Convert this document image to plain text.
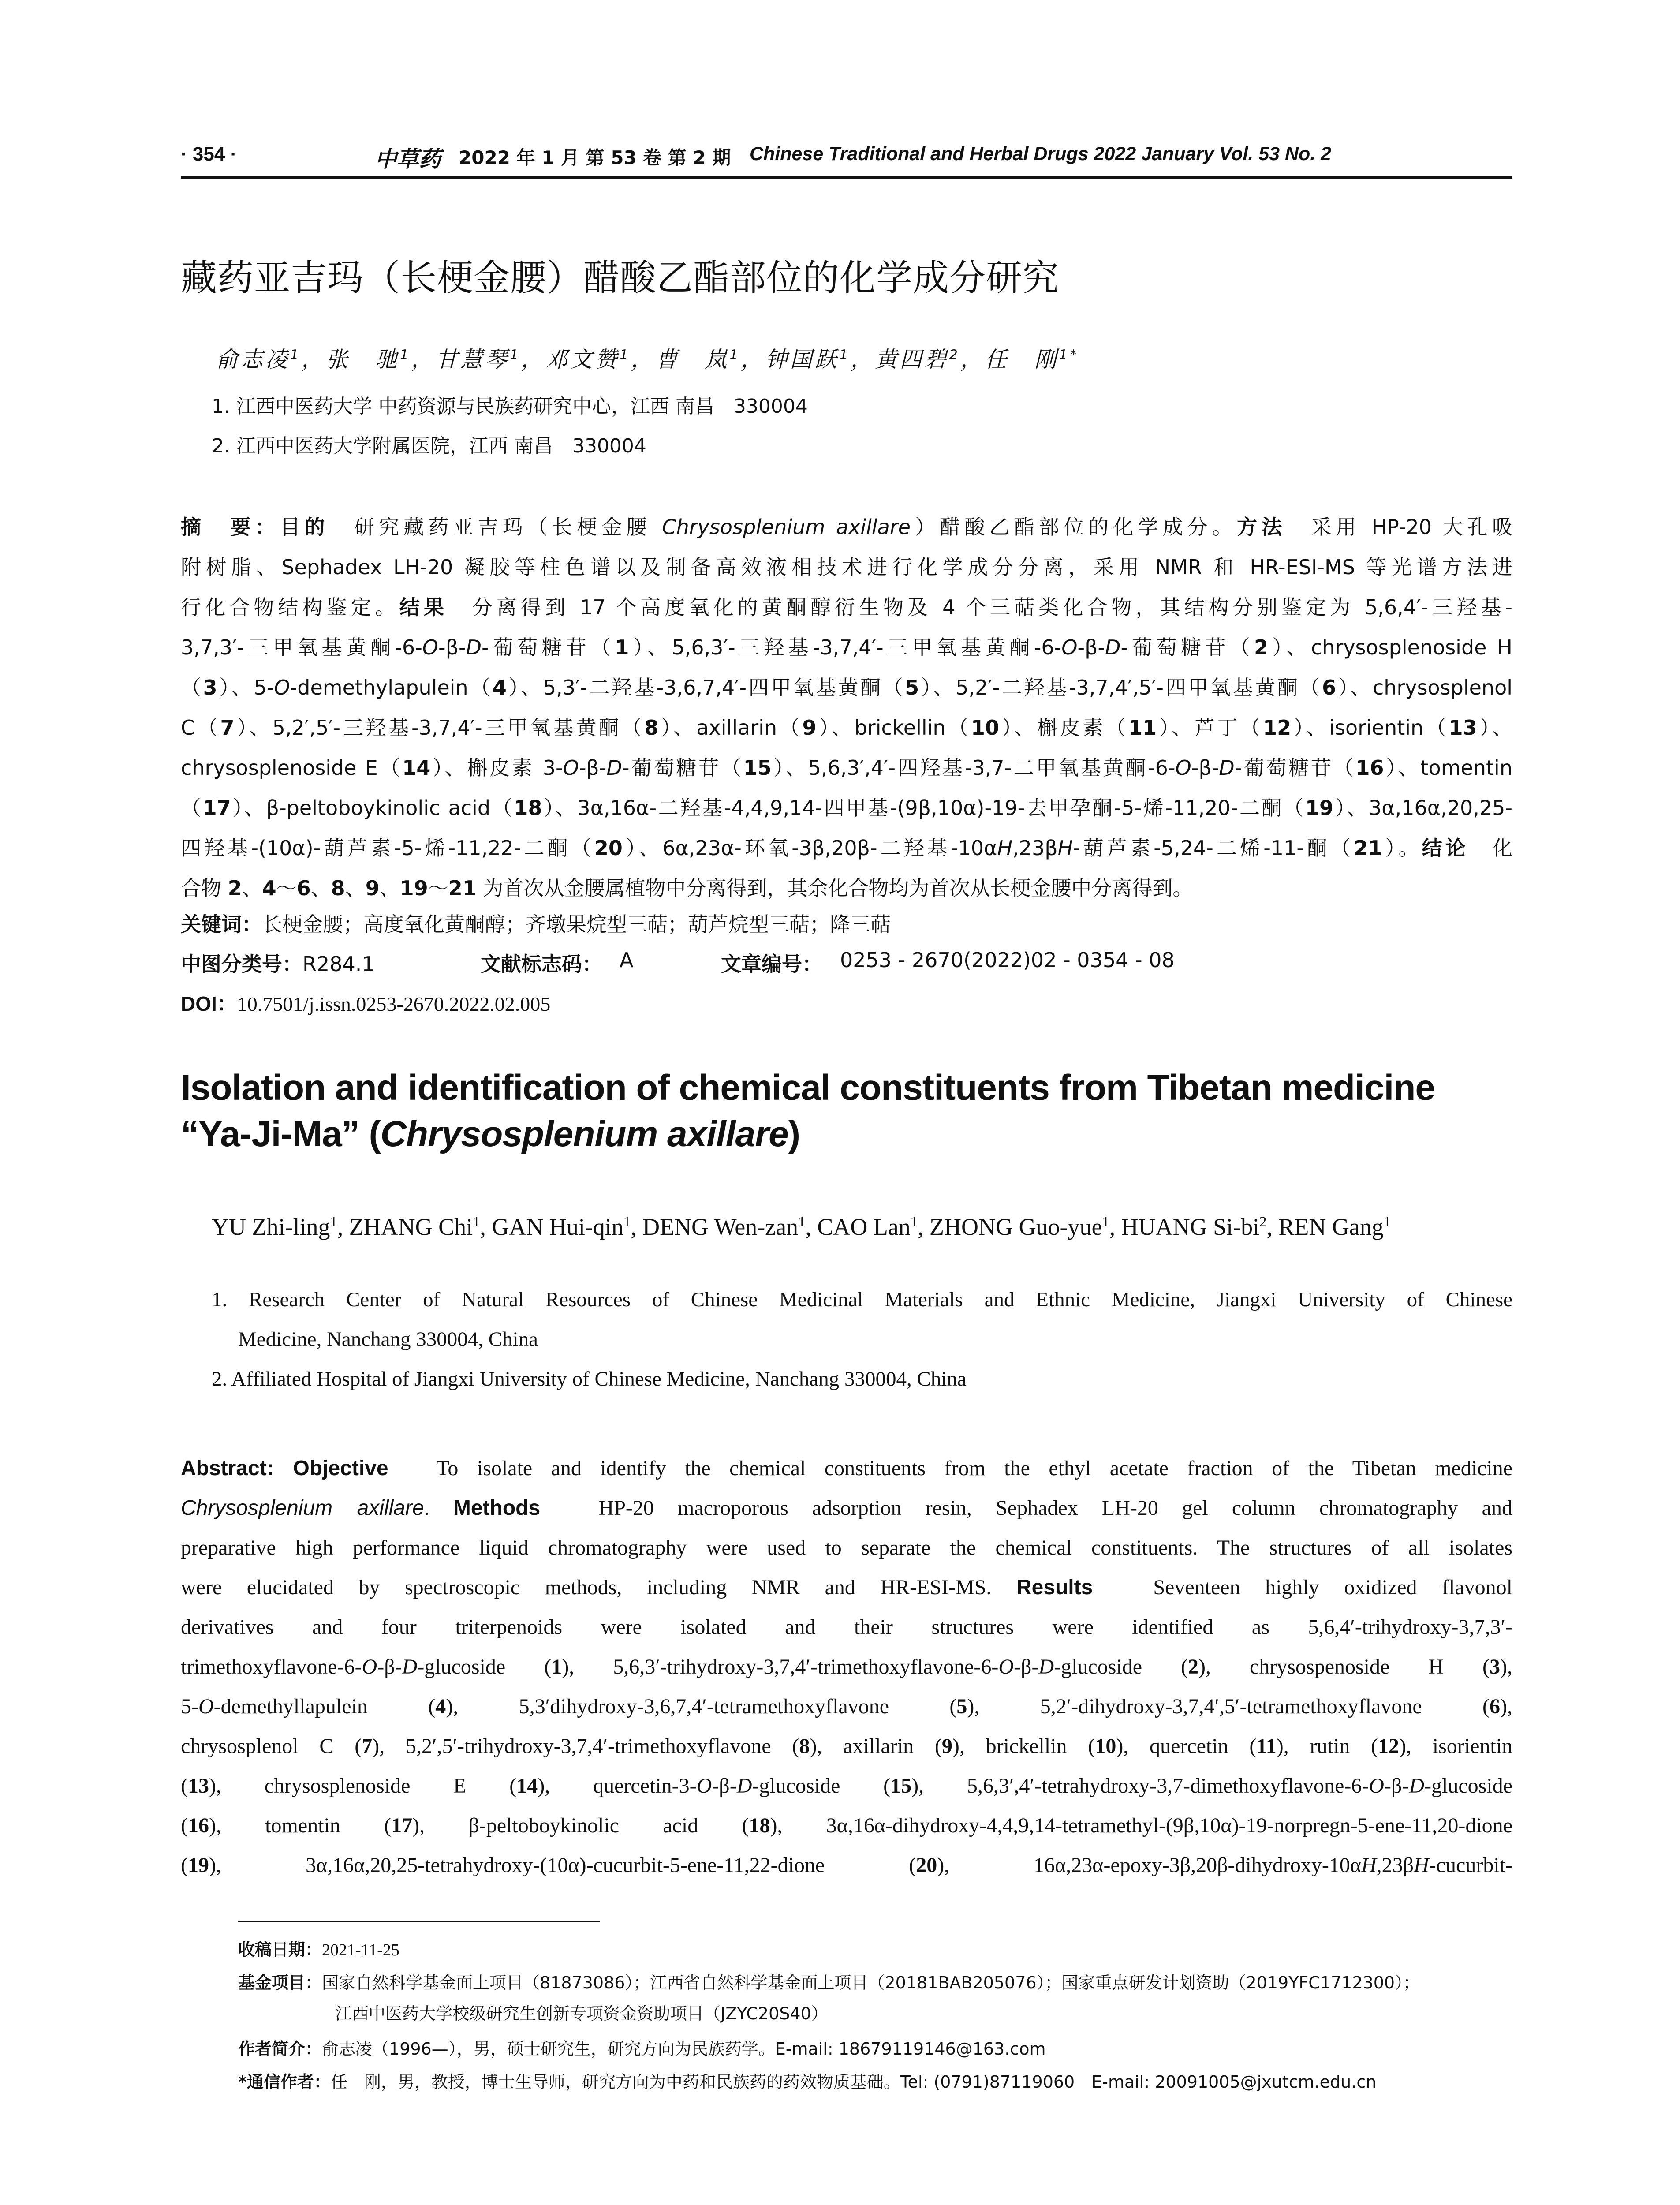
· 354 ·	中草药 2022 年 1 月 第 53 卷 第 2 期 Chinese Traditional and Herbal Drugs 2022 January Vol. 53 No. 2
藏药亚吉玛（长梗金腰）醋酸乙酯部位的化学成分研究
俞志凌$^1$，张　驰$^1$，甘慧琴$^1$，邓文赞$^1$，曹　岚$^1$，钟国跃$^1$，黄四碧$^2$，任　刚$^{1*}$
1. 江西中医药大学 中药资源与民族药研究中心，江西 南昌　330004
2. 江西中医药大学附属医院，江西 南昌　330004
摘　要：目的　研究藏药亚吉玛（长梗金腰 Chrysosplenium axillare）醋酸乙酯部位的化学成分。方法　采用 HP-20 大孔吸
附树脂、Sephadex LH-20 凝胶等柱色谱以及制备高效液相技术进行化学成分分离，采用 NMR 和 HR-ESI-MS 等光谱方法进
行化合物结构鉴定。结果　分离得到 17 个高度氧化的黄酮醇衍生物及 4 个三萜类化合物，其结构分别鉴定为 5,6,4′-三羟基-
3,7,3′-三甲氧基黄酮-6-O-β-D-葡萄糖苷（1）、5,6,3′-三羟基-3,7,4′-三甲氧基黄酮-6-O-β-D-葡萄糖苷（2）、chrysosplenoside H
（3）、5-O-demethylapulein（4）、5,3′-二羟基-3,6,7,4′-四甲氧基黄酮（5）、5,2′-二羟基-3,7,4′,5′-四甲氧基黄酮（6）、chrysosplenol
C（7）、5,2′,5′-三羟基-3,7,4′-三甲氧基黄酮（8）、axillarin（9）、brickellin（10）、槲皮素（11）、芦丁（12）、isorientin（13）、
chrysosplenoside E（14）、槲皮素 3-O-β-D-葡萄糖苷（15）、5,6,3′,4′-四羟基-3,7-二甲氧基黄酮-6-O-β-D-葡萄糖苷（16）、tomentin
（17）、β-peltoboykinolic acid（18）、3α,16α-二羟基-4,4,9,14-四甲基-(9β,10α)-19-去甲孕酮-5-烯-11,20-二酮（19）、3α,16α,20,25-
四羟基-(10α)-葫芦素-5-烯-11,22-二酮（20）、6α,23α-环氧-3β,20β-二羟基-10αH,23βH-葫芦素-5,24-二烯-11-酮（21）。结论　化
合物 2、4～6、8、9、19～21 为首次从金腰属植物中分离得到，其余化合物均为首次从长梗金腰中分离得到。
关键词：长梗金腰；高度氧化黄酮醇；齐墩果烷型三萜；葫芦烷型三萜；降三萜
中图分类号：R284.1	文献标志码： A	文章编号： 0253 - 2670(2022)02 - 0354 - 08
DOI：10.7501/j.issn.0253-2670.2022.02.005
Isolation and identification of chemical constituents from Tibetan medicine
“Ya-Ji-Ma” (Chrysosplenium axillare)
YU Zhi-ling$^1$, ZHANG Chi$^1$, GAN Hui-qin$^1$, DENG Wen-zan$^1$, CAO Lan$^1$, ZHONG Guo-yue$^1$, HUANG $Si-bi^2$, REN Gang$^1$
1. Research Center of Natural Resources of Chinese Medicinal Materials and Ethnic Medicine, Jiangxi University of Chinese
Medicine, Nanchang 330004, China
2. Affiliated Hospital of Jiangxi University of Chinese Medicine, Nanchang 330004, China
Abstract: Objective　To isolate and identify the chemical constituents from the ethyl acetate fraction of the Tibetan medicine
Chrysosplenium axillare. Methods　HP-20 macroporous adsorption resin, Sephadex LH-20 gel column chromatography and
preparative high performance liquid chromatography were used to separate the chemical constituents. The structures of all isolates
were elucidated by spectroscopic methods, including NMR and HR-ESI-MS. Results　Seventeen highly oxidized flavonol
derivatives and four triterpenoids were isolated and their structures were identified as 5,6,4′-trihydroxy-3,7,3′-
trimethoxyflavone-6-O-β-D-glucoside (1), 5,6,3′-trihydroxy-3,7,4′-trimethoxyflavone-6-O-β-D-glucoside (2), chrysospenoside H (3),
5-O-demethyllapulein (4), 5,3′dihydroxy-3,6,7,4′-tetramethoxyflavone (5), 5,2′-dihydroxy-3,7,4′,5′-tetramethoxyflavone (6),
chrysosplenol C (7), 5,2′,5′-trihydroxy-3,7,4′-trimethoxyflavone (8), axillarin (9), brickellin (10), quercetin (11), rutin (12), isorientin
(13), chrysosplenoside E (14), quercetin-3-O-β-D-glucoside (15), 5,6,3′,4′-tetrahydroxy-3,7-dimethoxyflavone-6-O-β-D-glucoside
(16), tomentin (17), β-peltoboykinolic acid (18), 3α,16α-dihydroxy-4,4,9,14-tetramethyl-(9β,10α)-19-norpregn-5-ene-11,20-dione
(19), 3α,16α,20,25-tetrahydroxy-(10α)-cucurbit-5-ene-11,22-dione (20), 16α,23α-epoxy-3β,20β-dihydroxy-10αH,23βH-cucurbit-
收稿日期：2021-11-25
基金项目：国家自然科学基金面上项目（81873086）；江西省自然科学基金面上项目（20181BAB205076）；国家重点研发计划资助（2019YFC1712300）；
江西中医药大学校级研究生创新专项资金资助项目（JZYC20S40）
作者简介：俞志凌（1996—），男，硕士研究生，研究方向为民族药学。E-mail: 18679119146@163.com
*通信作者：任　刚，男，教授，博士生导师，研究方向为中药和民族药的药效物质基础。Tel: (0791)87119060　E-mail: 20091005@jxutcm.edu.cn
